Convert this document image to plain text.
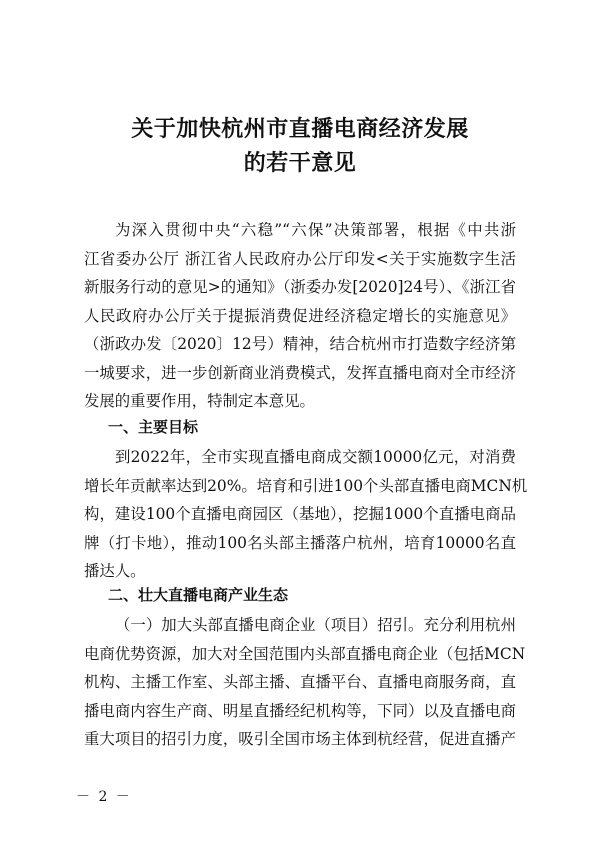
关于加快杭州市直播电商经济发展
的若干意见
为深入贯彻中央“六稳”“六保”决策部署，根据《中共浙
江省委办公厅 浙江省人民政府办公厅印发<关于实施数字生活
新服务行动的意见>的通知》（浙委办发[2020]24号）、《浙江省
人民政府办公厅关于提振消费促进经济稳定增长的实施意见》
（浙政办发〔2020〕12号）精神，结合杭州市打造数字经济第
一城要求，进一步创新商业消费模式，发挥直播电商对全市经济
发展的重要作用，特制定本意见。
一、主要目标
到2022年，全市实现直播电商成交额10000亿元，对消费
增长年贡献率达到20%。培育和引进100个头部直播电商MCN机
构，建设100个直播电商园区（基地），挖掘1000个直播电商品
牌（打卡地），推动100名头部主播落户杭州，培育10000名直
播达人。
二、壮大直播电商产业生态
（一）加大头部直播电商企业（项目）招引。充分利用杭州
电商优势资源，加大对全国范围内头部直播电商企业（包括MCN
机构、主播工作室、头部主播、直播平台、直播电商服务商，直
播电商内容生产商、明星直播经纪机构等，下同）以及直播电商
重大项目的招引力度，吸引全国市场主体到杭经营，促进直播产
－ 2 －
